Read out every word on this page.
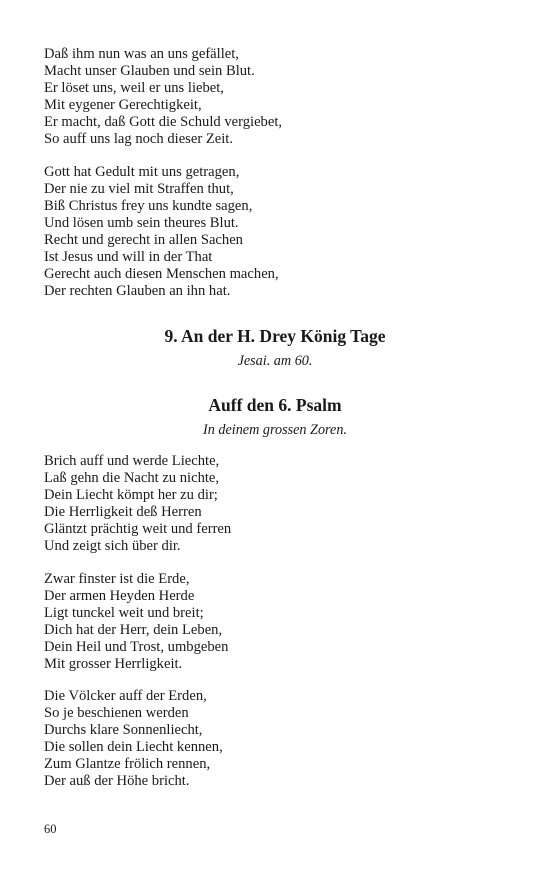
Daß ihm nun was an uns gefället,
Macht unser Glauben und sein Blut.
Er löset uns, weil er uns liebet,
Mit eygener Gerechtigkeit,
Er macht, daß Gott die Schuld vergiebet,
So auff uns lag noch dieser Zeit.
Gott hat Gedult mit uns getragen,
Der nie zu viel mit Straffen thut,
Biß Christus frey uns kundte sagen,
Und lösen umb sein theures Blut.
Recht und gerecht in allen Sachen
Ist Jesus und will in der That
Gerecht auch diesen Menschen machen,
Der rechten Glauben an ihn hat.
9. An der H. Drey König Tage
Jesai. am 60.
Auff den 6. Psalm
In deinem grossen Zoren.
Brich auff und werde Liechte,
Laß gehn die Nacht zu nichte,
Dein Liecht kömpt her zu dir;
Die Herrligkeit deß Herren
Gläntzt prächtig weit und ferren
Und zeigt sich über dir.
Zwar finster ist die Erde,
Der armen Heyden Herde
Ligt tunckel weit und breit;
Dich hat der Herr, dein Leben,
Dein Heil und Trost, umbgeben
Mit grosser Herrligkeit.
Die Völcker auff der Erden,
So je beschienen werden
Durchs klare Sonnenliecht,
Die sollen dein Liecht kennen,
Zum Glantze frölich rennen,
Der auß der Höhe bricht.
60
